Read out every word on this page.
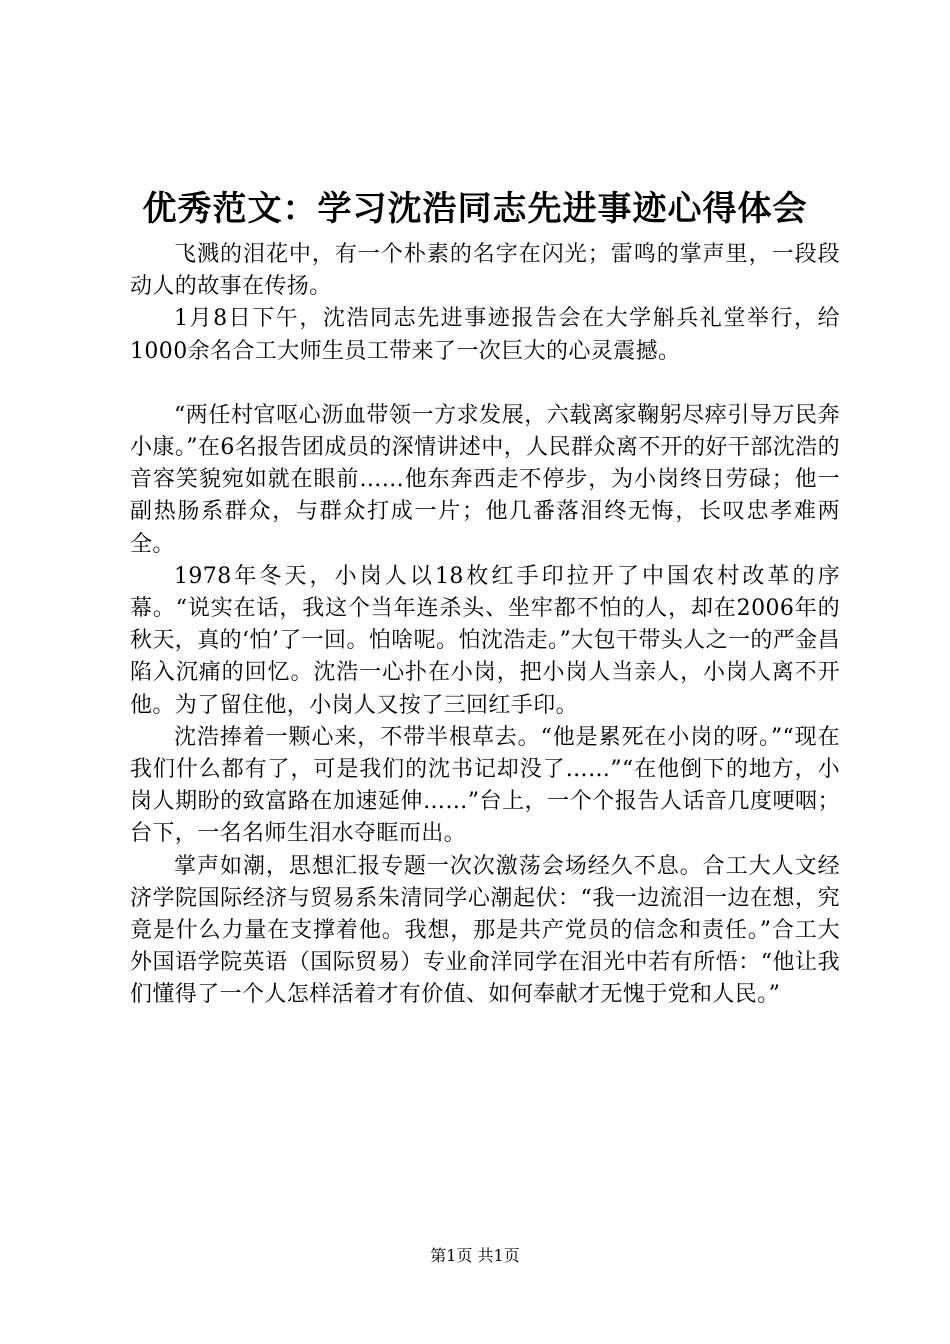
优秀范文：学习沈浩同志先进事迹心得体会

飞溅的泪花中，有一个朴素的名字在闪光；雷鸣的掌声里，一段段动人的故事在传扬。

1月8日下午，沈浩同志先进事迹报告会在大学斛兵礼堂举行，给1000余名合工大师生员工带来了一次巨大的心灵震撼。

“两任村官呕心沥血带领一方求发展，六载离家鞠躬尽瘁引导万民奔小康。”在6名报告团成员的深情讲述中，人民群众离不开的好干部沈浩的音容笑貌宛如就在眼前……他东奔西走不停步，为小岗终日劳碌；他一副热肠系群众，与群众打成一片；他几番落泪终无悔，长叹忠孝难两全。

1978年冬天，小岗人以18枚红手印拉开了中国农村改革的序幕。“说实在话，我这个当年连杀头、坐牢都不怕的人，却在2006年的秋天，真的‘怕’了一回。怕啥呢。怕沈浩走。”大包干带头人之一的严金昌陷入沉痛的回忆。沈浩一心扑在小岗，把小岗人当亲人，小岗人离不开他。为了留住他，小岗人又按了三回红手印。

沈浩捧着一颗心来，不带半根草去。“他是累死在小岗的呀。”“现在我们什么都有了，可是我们的沈书记却没了……”“在他倒下的地方，小岗人期盼的致富路在加速延伸……”台上，一个个报告人话音几度哽咽；台下，一名名师生泪水夺眶而出。

掌声如潮，思想汇报专题一次次激荡会场经久不息。合工大人文经济学院国际经济与贸易系朱清同学心潮起伏：“我一边流泪一边在想，究竟是什么力量在支撑着他。我想，那是共产党员的信念和责任。”合工大外国语学院英语（国际贸易）专业俞洋同学在泪光中若有所悟：“他让我们懂得了一个人怎样活着才有价值、如何奉献才无愧于党和人民。”

第1页 共1页
